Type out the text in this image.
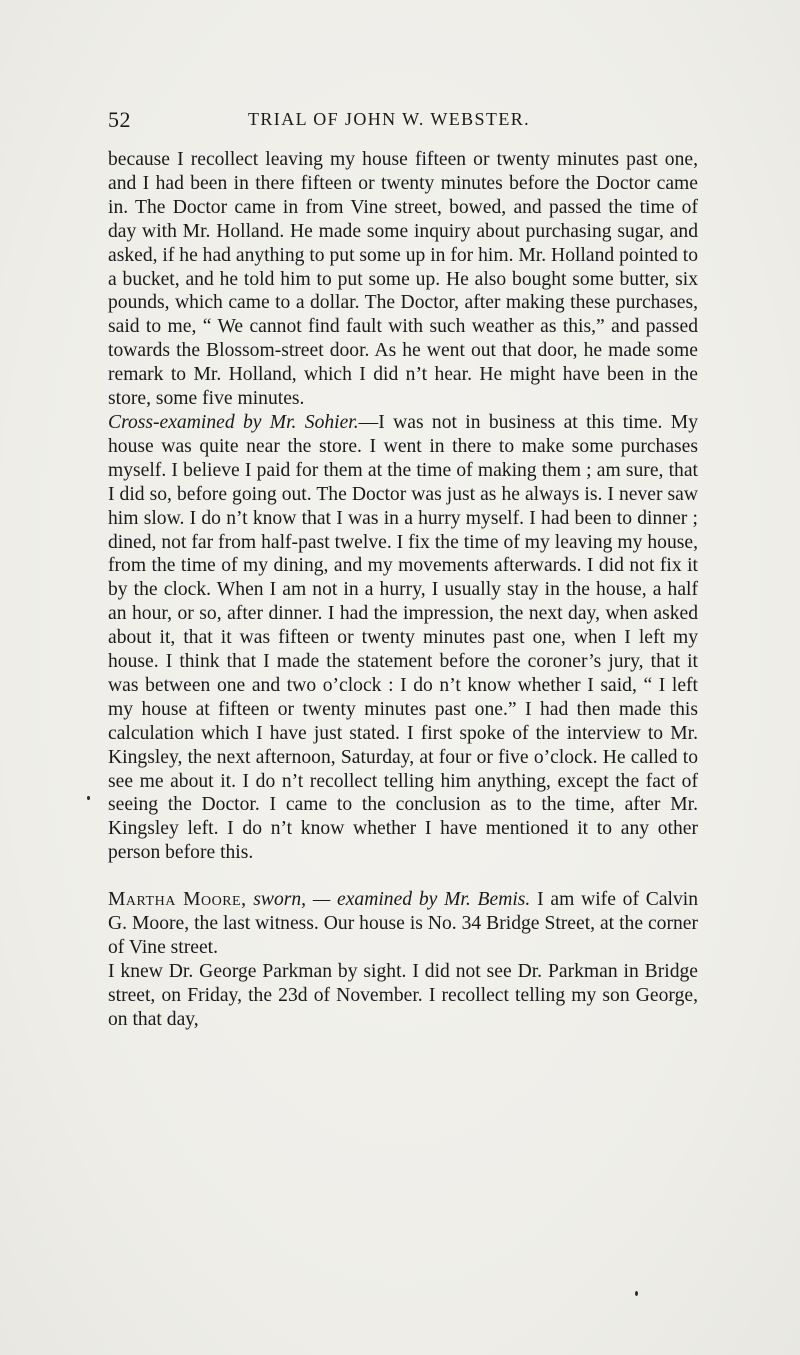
52	TRIAL OF JOHN W. WEBSTER.

because I recollect leaving my house fifteen or twenty minutes past one, and I had been in there fifteen or twenty minutes before the Doctor came in. The Doctor came in from Vine street, bowed, and passed the time of day with Mr. Holland. He made some inquiry about purchasing sugar, and asked, if he had anything to put some up in for him. Mr. Holland pointed to a bucket, and he told him to put some up. He also bought some butter, six pounds, which came to a dollar. The Doctor, after making these purchases, said to me, “ We cannot find fault with such weather as this,” and passed towards the Blossom-street door. As he went out that door, he made some remark to Mr. Holland, which I did n’t hear. He might have been in the store, some five minutes.

Cross-examined by Mr. Sohier.—I was not in business at this time. My house was quite near the store. I went in there to make some purchases myself. I believe I paid for them at the time of making them ; am sure, that I did so, before going out. The Doctor was just as he always is. I never saw him slow. I do n’t know that I was in a hurry myself. I had been to dinner ; dined, not far from half-past twelve. I fix the time of my leaving my house, from the time of my dining, and my movements afterwards. I did not fix it by the clock. When I am not in a hurry, I usually stay in the house, a half an hour, or so, after dinner. I had the impression, the next day, when asked about it, that it was fifteen or twenty minutes past one, when I left my house. I think that I made the statement before the coroner’s jury, that it was between one and two o’clock : I do n’t know whether I said, “ I left my house at fifteen or twenty minutes past one.” I had then made this calculation which I have just stated. I first spoke of the interview to Mr. Kingsley, the next afternoon, Saturday, at four or five o’clock. He called to see me about it. I do n’t recollect telling him anything, except the fact of seeing the Doctor. I came to the conclusion as to the time, after Mr. Kingsley left. I do n’t know whether I have mentioned it to any other person before this.

Martha Moore, sworn, — examined by Mr. Bemis. I am wife of Calvin G. Moore, the last witness. Our house is No. 34 Bridge Street, at the corner of Vine street.

I knew Dr. George Parkman by sight. I did not see Dr. Parkman in Bridge street, on Friday, the 23d of November. I recollect telling my son George, on that day,
